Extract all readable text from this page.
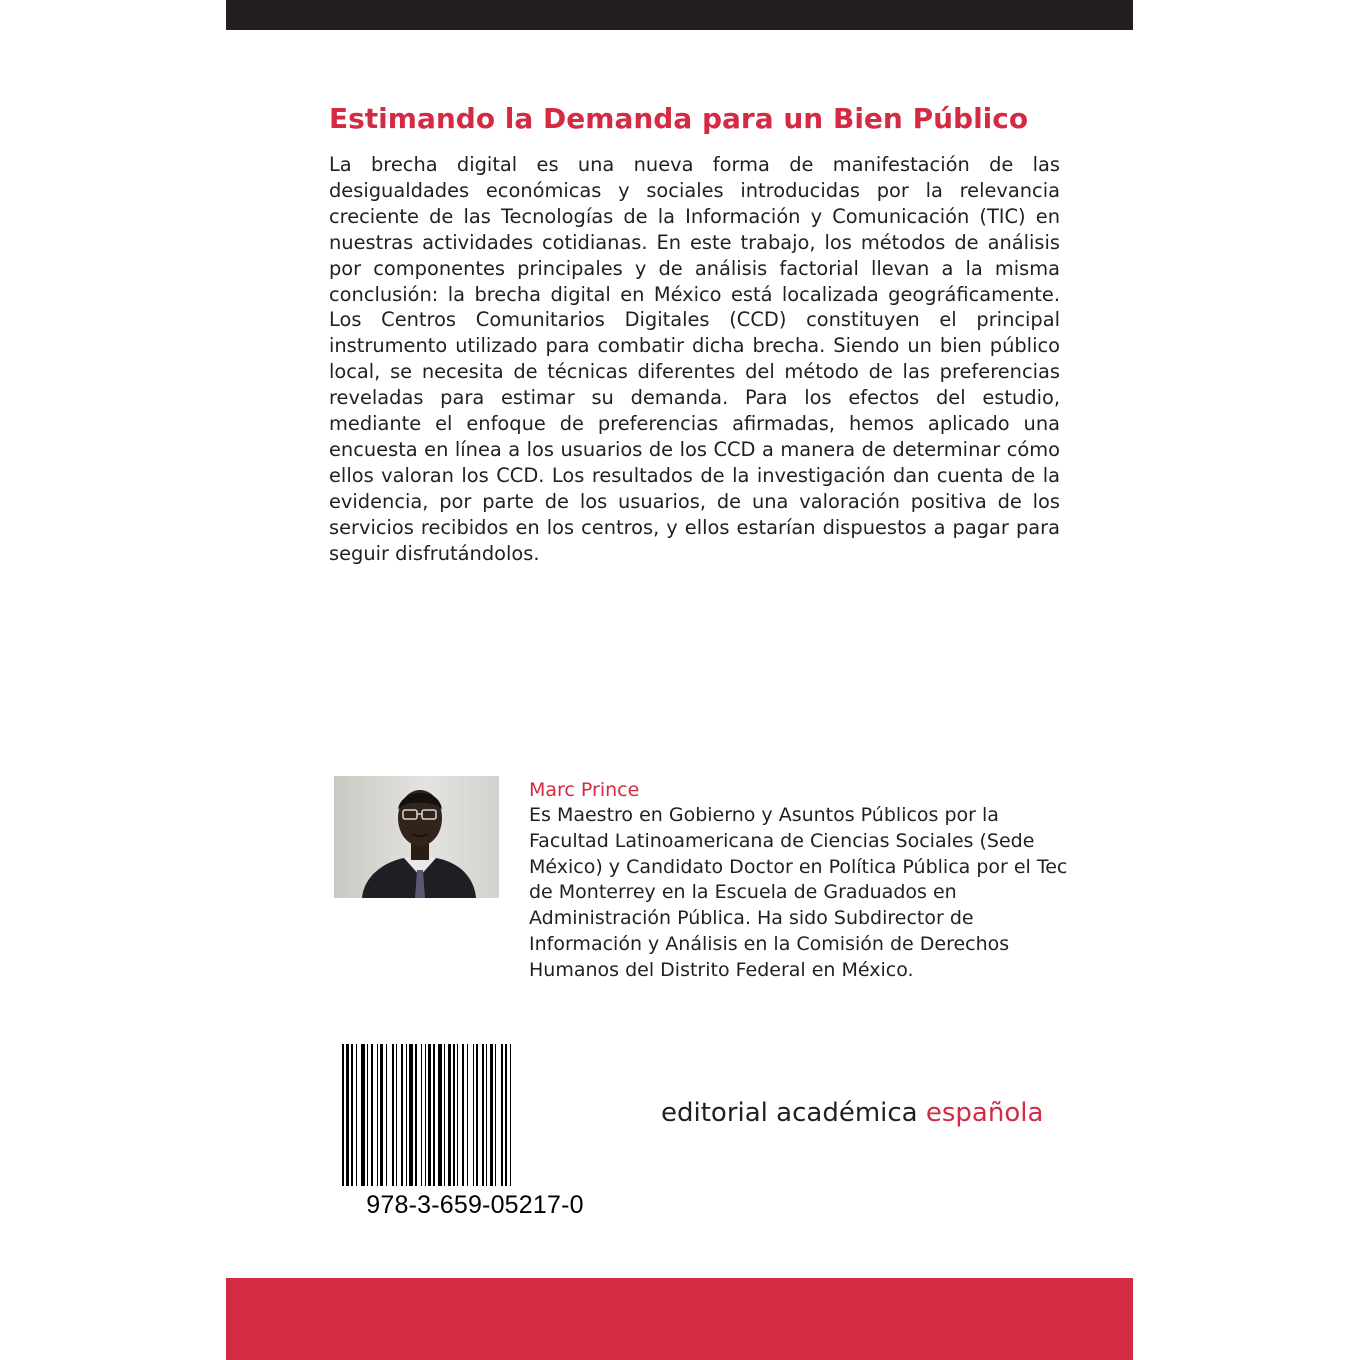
Estimando la Demanda para un Bien Público

La brecha digital es una nueva forma de manifestación de las desigualdades económicas y sociales introducidas por la relevancia creciente de las Tecnologías de la Información y Comunicación (TIC) en nuestras actividades cotidianas. En este trabajo, los métodos de análisis por componentes principales y de análisis factorial llevan a la misma conclusión: la brecha digital en México está localizada geográficamente. Los Centros Comunitarios Digitales (CCD) constituyen el principal instrumento utilizado para combatir dicha brecha. Siendo un bien público local, se necesita de técnicas diferentes del método de las preferencias reveladas para estimar su demanda. Para los efectos del estudio, mediante el enfoque de preferencias afirmadas, hemos aplicado una encuesta en línea a los usuarios de los CCD a manera de determinar cómo ellos valoran los CCD. Los resultados de la investigación dan cuenta de la evidencia, por parte de los usuarios, de una valoración positiva de los servicios recibidos en los centros, y ellos estarían dispuestos a pagar para seguir disfrutándolos.

Marc Prince

Es Maestro en Gobierno y Asuntos Públicos por la Facultad Latinoamericana de Ciencias Sociales (Sede México) y Candidato Doctor en Política Pública por el Tec de Monterrey en la Escuela de Graduados en Administración Pública. Ha sido Subdirector de Información y Análisis en la Comisión de Derechos Humanos del Distrito Federal en México.

978-3-659-05217-0

editorial académica española
